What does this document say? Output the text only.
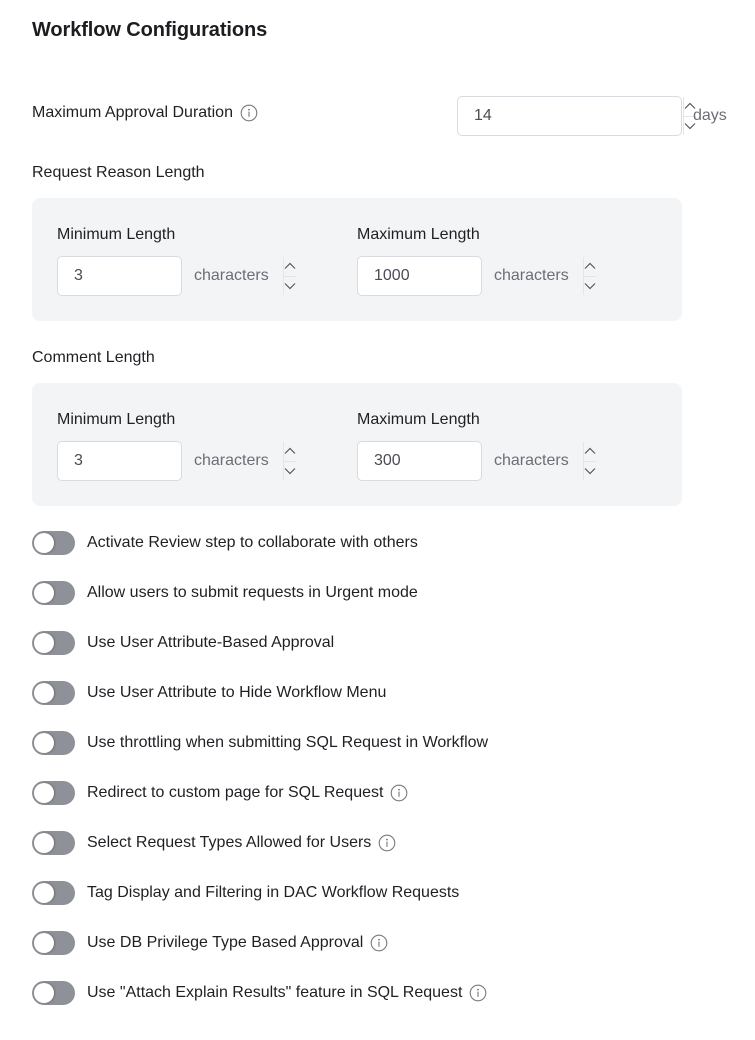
Workflow Configurations
Maximum Approval Duration
14	days
Request Reason Length
Minimum Length
3
characters
Maximum Length
1000
characters
Comment Length
Minimum Length
3
characters
Maximum Length
300
characters
Activate Review step to collaborate with others
Allow users to submit requests in Urgent mode
Use User Attribute-Based Approval
Use User Attribute to Hide Workflow Menu
Use throttling when submitting SQL Request in Workflow
Redirect to custom page for SQL Request
Select Request Types Allowed for Users
Tag Display and Filtering in DAC Workflow Requests
Use DB Privilege Type Based Approval
Use "Attach Explain Results" feature in SQL Request
